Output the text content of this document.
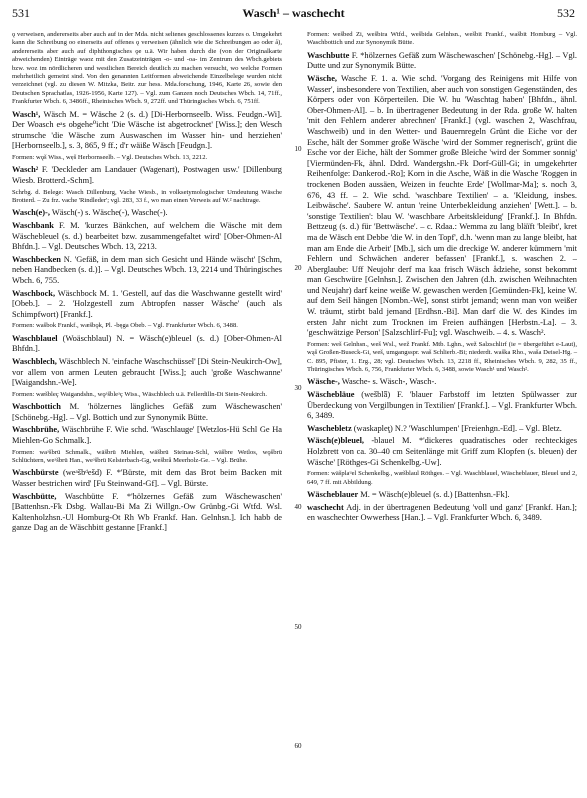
531	Wasch¹ – waschecht	532

ǫ verweisen, andererseits aber auch auf in der Mda. nicht seltenes geschlossenes kurzes o. Umgekehrt kann die Schreibung oo einerseits auf offenes ǫ verweisen (ähnlich wie die Schreibungen ao oder å), andererseits aber auch auf diphthongisches ǫe u.ä. Wir haben durch die (von der Originalkarte abweichenden) Einträge waoz mit den Zusatzeinträgen -o- und -oa- im Zentrum des Wbch.gebiets bzw. woz im nördlicheren und westlichen Bereich deutlich zu machen versucht, wo welche Formen mehrheitlich gemeint sind. Von den genannten Leitformen abweichende Einzelbelege wurden nicht verzeichnet (vgl. zu diesen W. Mitzka, Beitr. zur hess. Mda.forschung, 1946, Karte 26, sowie den Deutschen Sprachatlas, 1926-1956, Karte 127). – Vgl. zum Ganzen noch Deutsches Wbch. 14, 71ff., Frankfurter Wbch. 6, 3486ff., Rheinisches Wbch. 9, 272ff. und Thüringisches Wbch. 6, 751ff.

Wasch¹, Wäsch M. = Wäsche 2 (s. d.) [Di-Herbornseelb. Wiss. Feudgn.-Wi]. Der Woasch eᵃs obgehe⁰icht 'Die Wäsche ist abgetrocknet' [Wiss.]; den Wesch strumsche 'die Wäsche zum Auswaschen im Wasser hin- und herziehen' [Herbornseelb.], s. 3, 865, 9 ff.; d'r wäiße Wäsch [Feudgn.].

Formen: wǫš Wiss., wẹš Herbornseelb. – Vgl. Deutsches Wbch. 13, 2212.

Wasch² F. 'Deckleder am Landauer (Wagenart), Postwagen usw.' [Dillenburg Wiesb. Brotterd.-Schm].

Schrbg. d. Belege: Wasch Dillenburg, Vache Wiesb., in volksetymologischer Umdeutung Wäsche Brotterd. – Zu frz. vache 'Rindleder'; vgl. 283, 33 f., wo man einen Verweis auf W.² nachtrage.

Wasch(e)-, Wäsch(-) s. Wäsche(-), Wasche(-).

Waschbank F. M. 'kurzes Bänkchen, auf welchem die Wäsche mit dem Wäschebleuel (s. d.) bearbeitet bzw. zusammengefaltet wird' [Ober-Ohmen-Al Bhfdn.]. – Vgl. Deutsches Wbch. 13, 2213.

Waschbecken N. 'Gefäß, in dem man sich Gesicht und Hände wäscht' [Schm, neben Handbecken (s. d.)]. – Vgl. Deutsches Wbch. 13, 2214 und Thüringisches Wbch. 6, 755.

Waschbock, Wäschbock M. 1. 'Gestell, auf das die Waschwanne gestellt wird' [Obeb.]. – 2. 'Holzgestell zum Abtropfen nasser Wäsche' (auch als Schimpfwort) [Frankf.].

Formen: wašbok Frankf., wæšbǫk, Pl. -bęga Obeb. – Vgl. Frankfurter Wbch. 6, 3488.

Waschblauel (Woäschblaul) N. = Wäsch(e)bleuel (s. d.) [Ober-Ohmen-Al Bhfdn.].

Waschblech, Wäschblech N. 'einfache Waschschüssel' [Di Stein-Neukirch-Ow], vor allem von armen Leuten gebraucht [Wiss.]; auch 'große Waschwanne' [Waigandshn.-We].

Formen: wæšbleç Waigandshn., wǫᵃšbleᵃç Wiss., Wäschblech u.ä. Fellerdilln-Di Stein-Neukirch.

Waschbottich M. 'hölzernes längliches Gefäß zum Wäschewaschen' [Schönebg.-Hg]. – Vgl. Bottich und zur Synonymik Bütte.

Waschbrühe, Wäschbrühe F. Wie schd. 'Waschlauge' [Wetzlos-Hü Schl Ge Ha Miehlen-Go Schmalk.].

Formen: waᵃšbrü Schmalk., wāšbrü Miehlen, wāšbrü Steinau-Schl, wäšbre Wetlos, wǫšbrü Schlüchtern, weᵃšbrü Han., weᵃšbrü Kelsterbach-Gg, wešbrǟ Meerholz-Ge. – Vgl. Brühe.

Waschbürste (weᵃšbᵈešd) F. *'Bürste, mit dem das Brot beim Backen mit Wasser bestrichen wird' [Fu Steinwand-Gf]. – Vgl. Bürste.

Waschbütte, Waschbütte F. *'hölzernes Gefäß zum Wäschewaschen' [Battenhsn.-Fk Dsbg. Wallau-Bi Ma Zi Willgn.-Ow Grünbg.-Gi Wtfd. Wsl. Kaltenholzhsn.-Ul Homburg-Ot Rh Wb Frankf. Han. Gelnhsn.]. Ich habb de ganze Dag an de Wäschbitt gestanne [Frankf.]

Formen: wešbed Zi, wešbira Wtfd., wešbida Gelnhsn., wešbit Frankf., wašbit Homburg – Vgl. Waschbottich und zur Synonymik Bütte.

Waschbutte F. *hölzernes Gefäß zum Wäschewaschen' [Schönebg.-Hg]. – Vgl. Dutte und zur Synonymik Bütte.

Wäsche, Wasche F. 1. a. Wie schd. 'Vorgang des Reinigens mit Hilfe von Wasser', insbesondere von Textilien, aber auch von sonstigen Gegenständen, des Körpers oder von Körperteilen. Die W. hu 'Waschtag haben' [Bhfdn., ähnl. Ober-Ohmen-Al]. – b. In übertragener Bedeutung in der Rda. große W. halten 'mit den Fehlern anderer abrechnen' [Frankf.] (vgl. waschen 2, Waschfrau, Waschweib) und in den Wetter- und Bauernregeln Grünt die Eiche vor der Esche, hält der Sommer große Wäsche 'wird der Sommer regnerisch', grünt die Esche vor der Eiche, hält der Sommer große Bleiche 'wird der Sommer sonnig' [Viermünden-Fk, ähnl. Ddrd. Wandergshn.-Fk Dorf-Güll-Gi; in umgekehrter Reihenfolge: Dankerod.-Ro]; Korn in die Asche, Wäß in die Wasche 'Roggen in trockenen Boden aussäen, Weizen in feuchte Erde' [Wollmar-Ma]; s. noch 3, 676, 43 ff. – 2. Wie schd. 'waschbare Textilien' – a. 'Kleidung, insbes. Leibwäsche'. Saubere W. antun 'reine Unterbekleidung anziehen' [Wett.]. – b. 'sonstige Textilien': blau W. 'waschbare Arbeitskleidung' [Frankf.]. In Bhfdn. Bettzeug (s. d.) für 'Bettwäsche'. – c. Rdaa.: Wemma zu lang bläïft 'bleibt', kret ma de Wäsch ent Debbe 'die W. in den Topf', d.h. 'wenn man zu lange bleibt, hat man am Ende die Arbeit' [Mb.], sich um die dreckige W. anderer kümmern 'mit Fehlern und Schwächen anderer befassen' [Frankf.], s. waschen 2. – Aberglaube: Uff Neujohr derf ma kaa frisch Wäsch ådziehe, sonst bekommt man Geschwüre [Gelnhsn.]. Zwischen den Jahren (d.h. zwischen Weihnachten und Neujahr) darf keine weiße W. gewaschen werden [Gemünden-Fk], keine W. auf dem Seil hängen [Nombn.-We], sonst stirbt jemand; wenn man von weißer W. träumt, stirbt bald jemand [Erdhsn.-Bi]. Man darf die W. des Kindes im ersten Jahr nicht zum Trocknen im Freien aufhängen [Herbstn.-La]. – 3. 'geschwätzige Person' [Salzschlirf-Fu]; vgl. Waschweib. – 4. s. Wasch².

Formen: weš Gelnhsn., weš Wsl., wež Frankf. Mtb. Lghn., wež Salzschlirf (ie = übergeführt e-Laut), wąš Großen-Buseck-Gi, weš, umgangsspr. waš Schlierb.-Bi; niederdt. waška Rho., waša Deisel-Hg. – C. 895, Pfister, 1. Erg., 28; vgl. Deutsches Wbch. 13, 2218 ff., Rheinisches Wbch. 9, 282, 35 ff., Thüringisches Wbch. 6, 756, Frankfurter Wbch. 6, 3488, sowie Wasch¹ und Wasch².

Wäsche-, Wasche- s. Wäsch-, Wasch-.

Wäschebläue (wešblǟ) F. 'blauer Farbstoff im letzten Spülwasser zur Überdeckung von Vergilbungen in Textilien' [Frankf.]. – Vgl. Frankfurter Wbch. 6, 3489.

Waschebletz (waskapleţ) N.? 'Waschlumpen' [Freienhgn.-Ed]. – Vgl. Bletz.

Wäsch(e)bleuel, -blauel M. *'dickeres quadratisches oder rechteckiges Holzbrett von ca. 30–40 cm Seitenlänge mit Griff zum Klopfen (s. bleuen) der Wäsche' [Röthges-Gi Schenkelbg.-Uw].

Formen: wäšplaᵘel Schenkelbg., wæšblaul Röthges. – Vgl. Waschblauel, Wäscheblauer, Bleuel und 2, 649, 7 ff. mit Abbildung.

Wäscheblauer M. = Wäsch(e)bleuel (s. d.) [Battenhsn.-Fk].

waschecht Adj. in der übertragenen Bedeutung 'voll und ganz' [Frankf. Han.]; en waschechter Owwerhess [Han.]. – Vgl. Frankfurter Wbch. 6, 3489.

10
20
30
40
50
60
